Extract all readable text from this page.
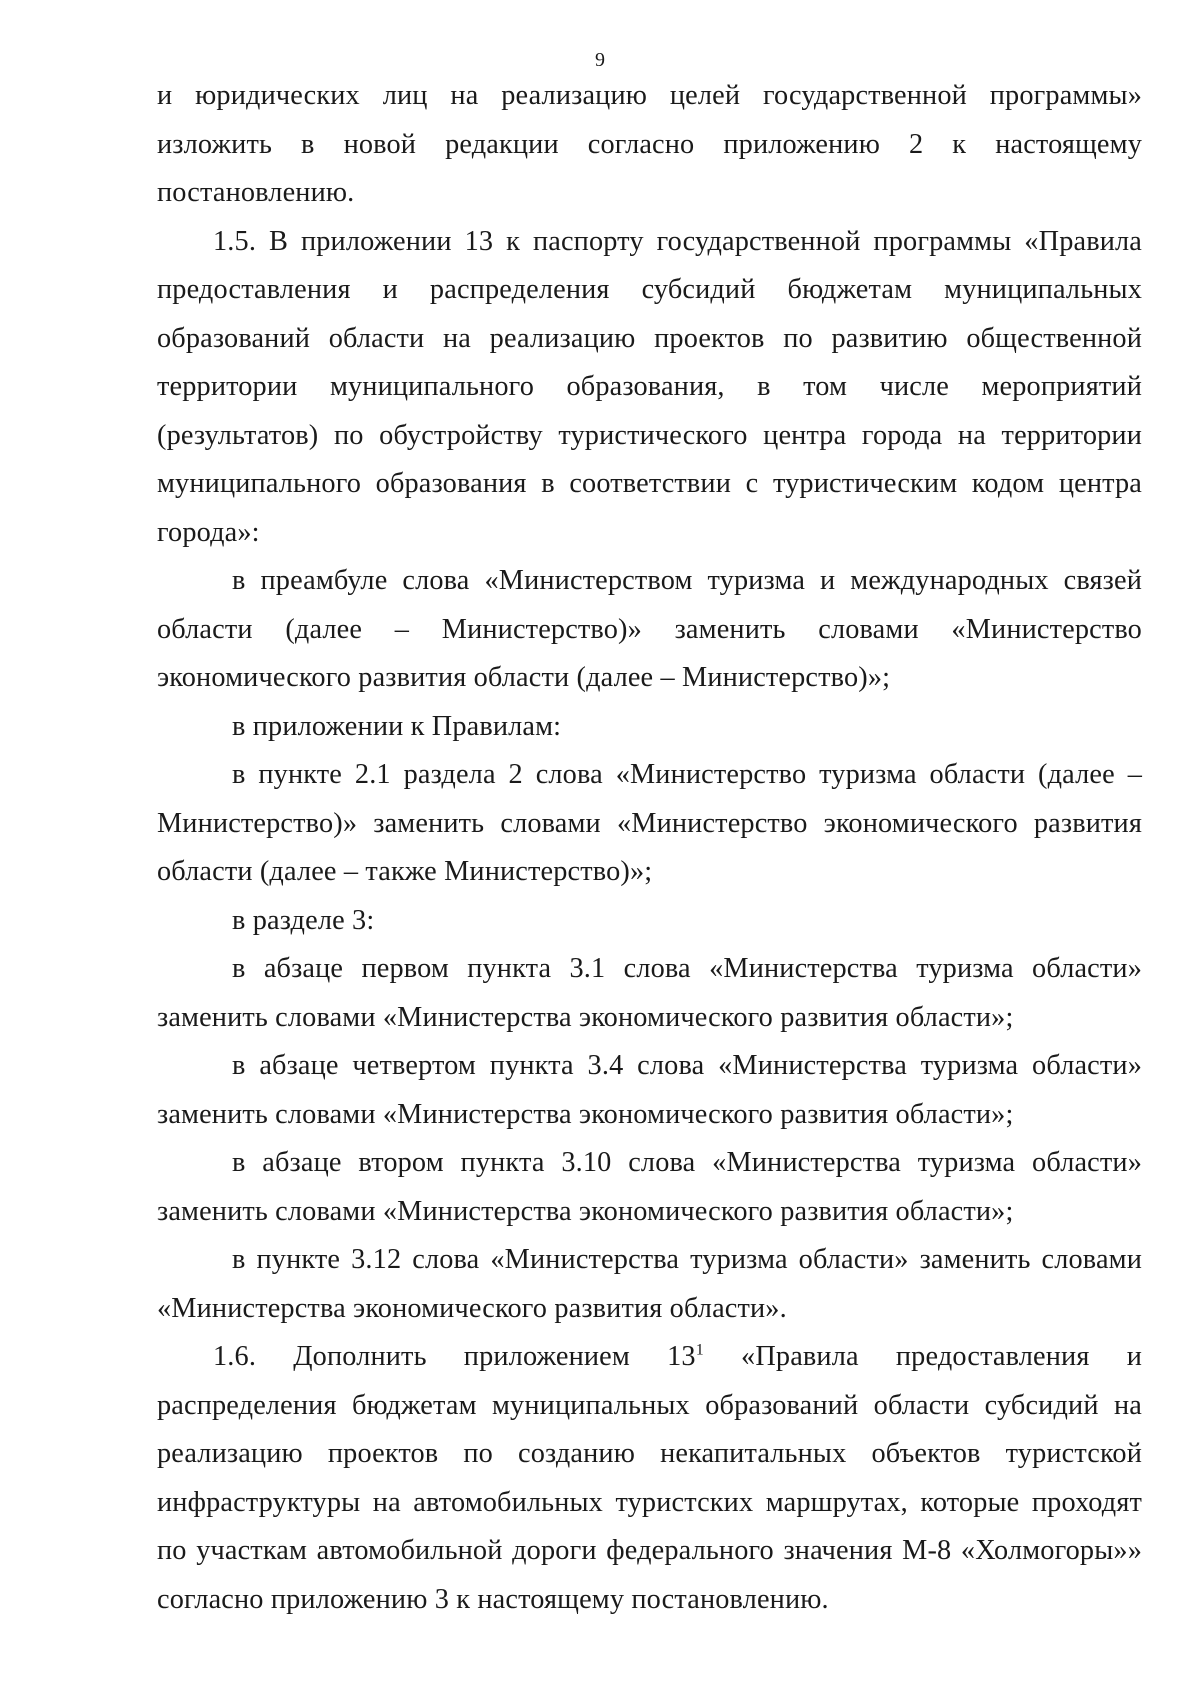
9

и юридических лиц на реализацию целей государственной программы» изложить в новой редакции согласно приложению 2 к настоящему постановлению.

1.5. В приложении 13 к паспорту государственной программы «Правила предоставления и распределения субсидий бюджетам муниципальных образований области на реализацию проектов по развитию общественной территории муниципального образования, в том числе мероприятий (результатов) по обустройству туристического центра города на территории муниципального образования в соответствии с туристическим кодом центра города»:

в преамбуле слова «Министерством туризма и международных связей области (далее – Министерство)» заменить словами «Министерство экономического развития области (далее – Министерство)»;

в приложении к Правилам:

в пункте 2.1 раздела 2 слова «Министерство туризма области (далее – Министерство)» заменить словами «Министерство экономического развития области (далее – также Министерство)»;

в разделе 3:

в абзаце первом пункта 3.1 слова «Министерства туризма области» заменить словами «Министерства экономического развития области»;

в абзаце четвертом пункта 3.4 слова «Министерства туризма области» заменить словами «Министерства экономического развития области»;

в абзаце втором пункта 3.10 слова «Министерства туризма области» заменить словами «Министерства экономического развития области»;

в пункте 3.12 слова «Министерства туризма области» заменить словами «Министерства экономического развития области».

1.6. Дополнить приложением $13^1$ «Правила предоставления и распределения бюджетам муниципальных образований области субсидий на реализацию проектов по созданию некапитальных объектов туристской инфраструктуры на автомобильных туристских маршрутах, которые проходят по участкам автомобильной дороги федерального значения М-8 «Холмогоры»» согласно приложению 3 к настоящему постановлению.
